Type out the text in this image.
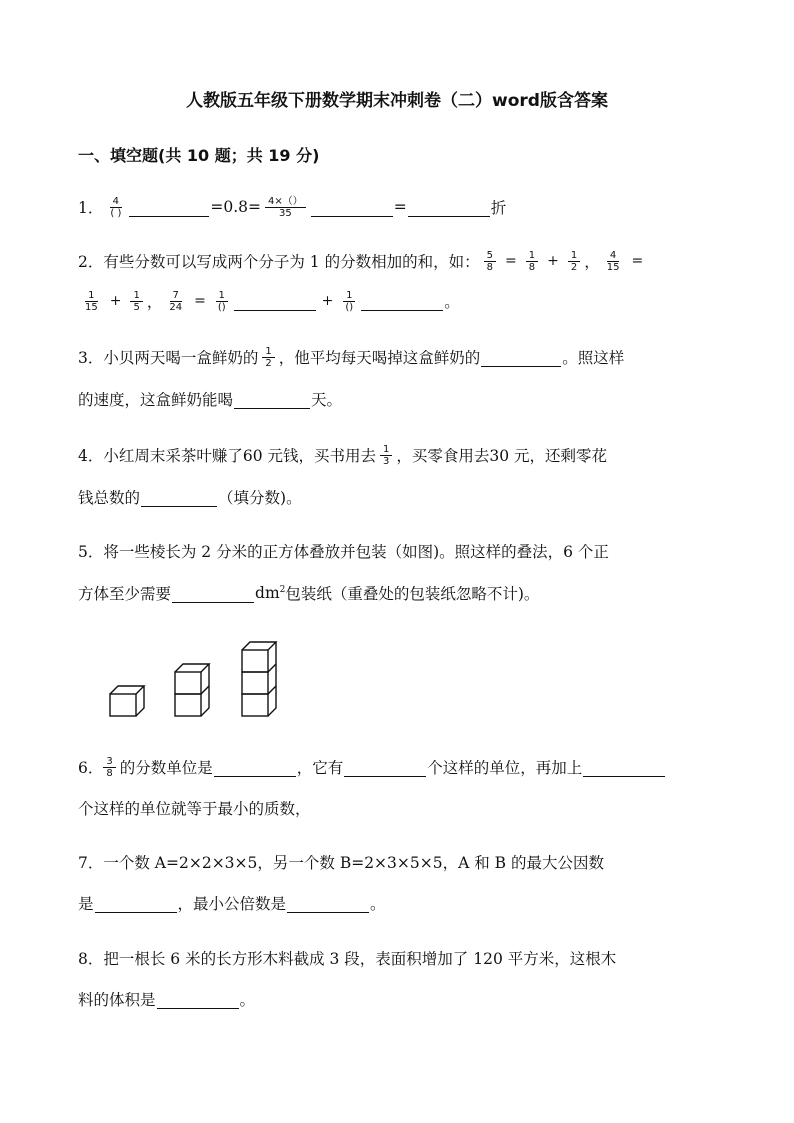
人教版五年级下册数学期末冲刺卷（二）word版含答案
一、填空题(共 10 题；共 19 分)
1． $\frac{4}{( )}$	$=0.8= \frac{4\times()}{35}$	=	折
2． 有些分数可以写成两个分子为 1 的分数相加的和，如： $\frac{5}{8} = \frac{1}{8} + \frac{1}{2}$ ， $\frac{4}{15}$ =
$\frac{1}{15} + \frac{1}{5}$ ， $\frac{7}{24} = \frac{1}{()}$	+ $\frac{1}{()}$	。
3． 小贝两天喝一盒鲜奶的 $\frac{1}{2}$ ，他平均每天喝掉这盒鲜奶的	。照这样
的速度，这盒鲜奶能喝	天。
4． 小红周末采茶叶赚了60 元钱，买书用去 $\frac{1}{3}$ ，买零食用去30 元，还剩零花
钱总数的	（填分数)。
5． 将一些棱长为 2 分米的正方体叠放并包装（如图)。照这样的叠法，6 个正
方体至少需要	$dm^2$ 包装纸（重叠处的包装纸忽略不计)。
6． $\frac{3}{8}$ 的分数单位是	，它有	个这样的单位，再加上
个这样的单位就等于最小的质数，
7． 一个数 A=2×2×3×5，另一个数 B=2×3×5×5，A 和 B 的最大公因数
是	，最小公倍数是	。
8． 把一根长 6 米的长方形木料截成 3 段，表面积增加了 120 平方米，这根木
料的体积是	。
